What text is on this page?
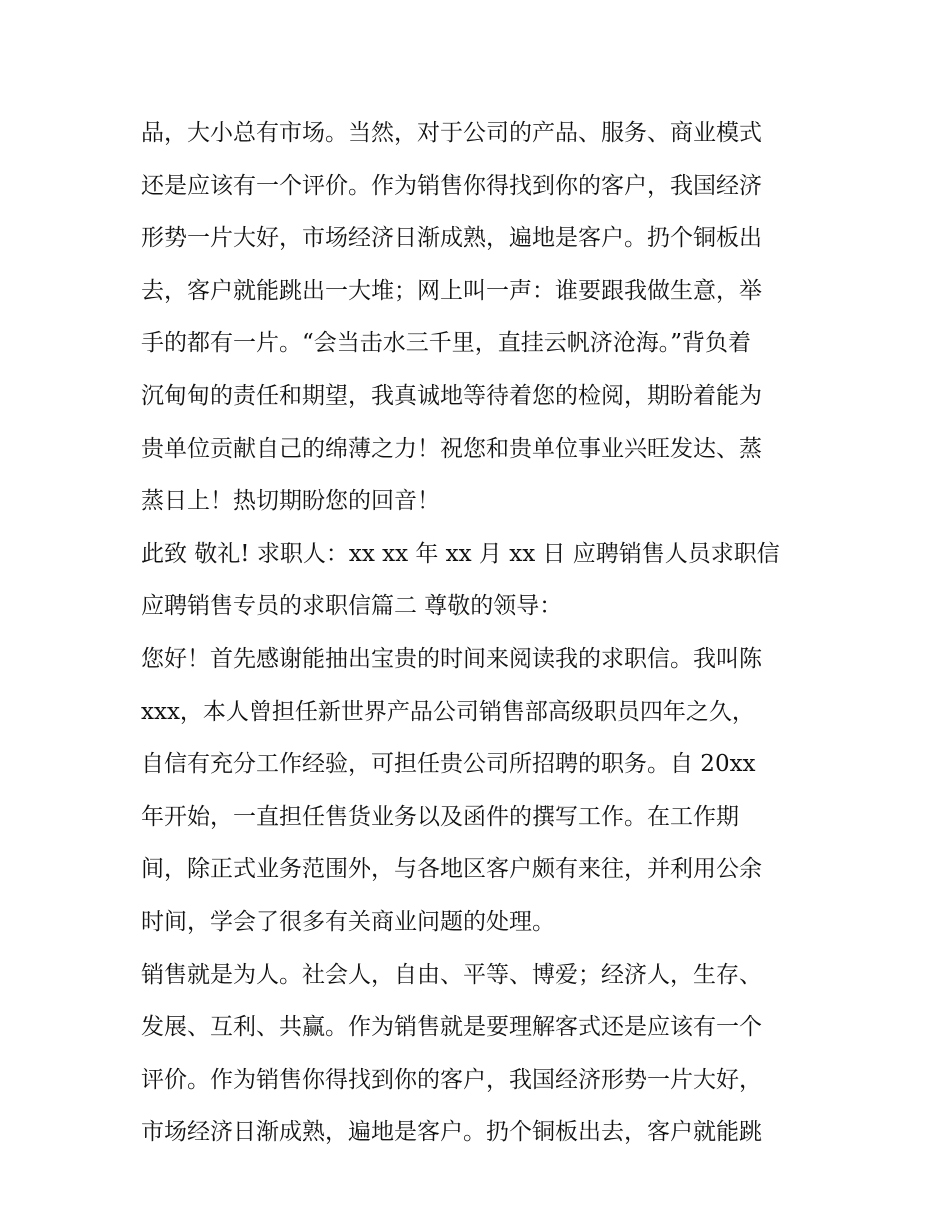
品，大小总有市场。当然，对于公司的产品、服务、商业模式
还是应该有一个评价。作为销售你得找到你的客户，我国经济
形势一片大好，市场经济日渐成熟，遍地是客户。扔个铜板出
去，客户就能跳出一大堆；网上叫一声：谁要跟我做生意，举
手的都有一片。“会当击水三千里，直挂云帆济沧海。”背负着
沉甸甸的责任和期望，我真诚地等待着您的检阅，期盼着能为
贵单位贡献自己的绵薄之力！祝您和贵单位事业兴旺发达、蒸
蒸日上！热切期盼您的回音！
此致 敬礼! 求职人：xx xx 年 xx 月 xx 日 应聘销售人员求职信
应聘销售专员的求职信篇二 尊敬的领导：
您好！首先感谢能抽出宝贵的时间来阅读我的求职信。我叫陈
xxx，本人曾担任新世界产品公司销售部高级职员四年之久，
自信有充分工作经验，可担任贵公司所招聘的职务。自 20xx
年开始，一直担任售货业务以及函件的撰写工作。在工作期
间，除正式业务范围外，与各地区客户颇有来往，并利用公余
时间，学会了很多有关商业问题的处理。
销售就是为人。社会人，自由、平等、博爱；经济人，生存、
发展、互利、共赢。作为销售就是要理解客式还是应该有一个
评价。作为销售你得找到你的客户，我国经济形势一片大好，
市场经济日渐成熟，遍地是客户。扔个铜板出去，客户就能跳
